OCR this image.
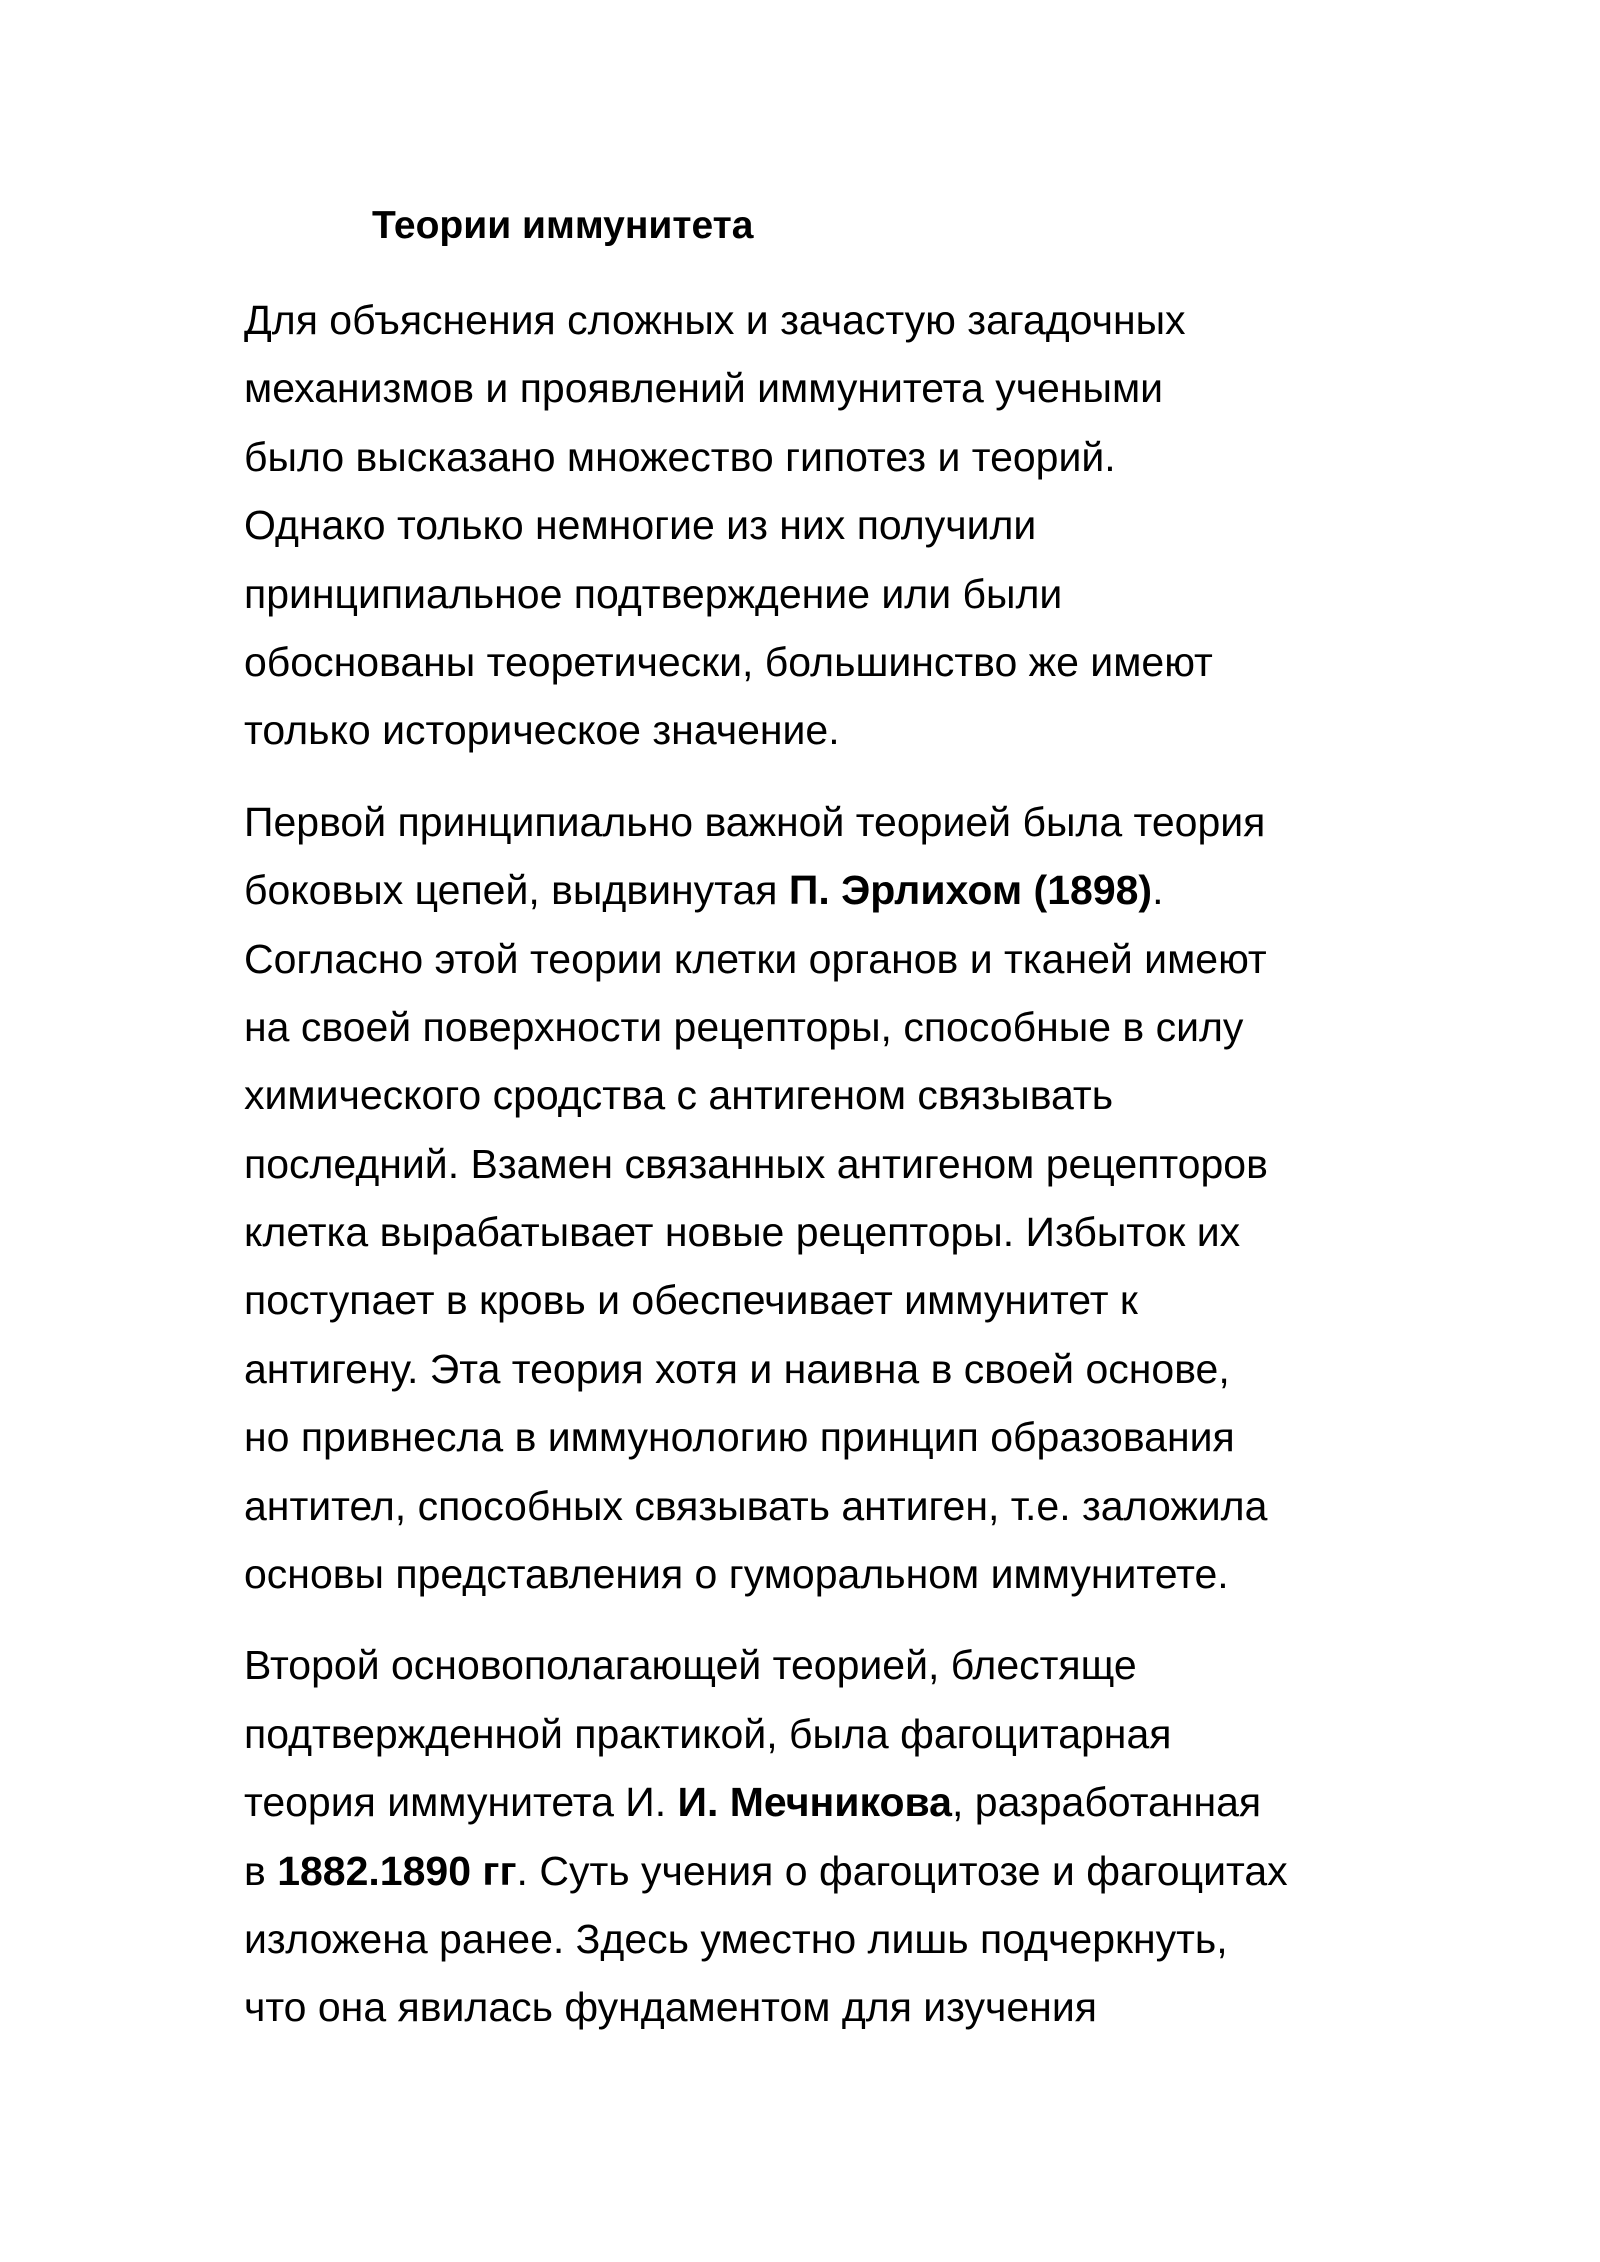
Теории иммунитета

Для объяснения сложных и зачастую загадочных
механизмов и проявлений иммунитета учеными
было высказано множество гипотез и теорий.
Однако только немногие из них получили
принципиальное подтверждение или были
обоснованы теоретически, большинство же имеют
только историческое значение.

Первой принципиально важной теорией была теория
боковых цепей, выдвинутая П. Эрлихом (1898).
Согласно этой теории клетки органов и тканей имеют
на своей поверхности рецепторы, способные в силу
химического сродства с антигеном связывать
последний. Взамен связанных антигеном рецепторов
клетка вырабатывает новые рецепторы. Избыток их
поступает в кровь и обеспечивает иммунитет к
антигену. Эта теория хотя и наивна в своей основе,
но привнесла в иммунологию принцип образования
антител, способных связывать антиген, т.е. заложила
основы представления о гуморальном иммунитете.

Второй основополагающей теорией, блестяще
подтвержденной практикой, была фагоцитарная
теория иммунитета И. И. Мечникова, разработанная
в 1882.1890 гг. Суть учения о фагоцитозе и фагоцитах
изложена ранее. Здесь уместно лишь подчеркнуть,
что она явилась фундаментом для изучения
